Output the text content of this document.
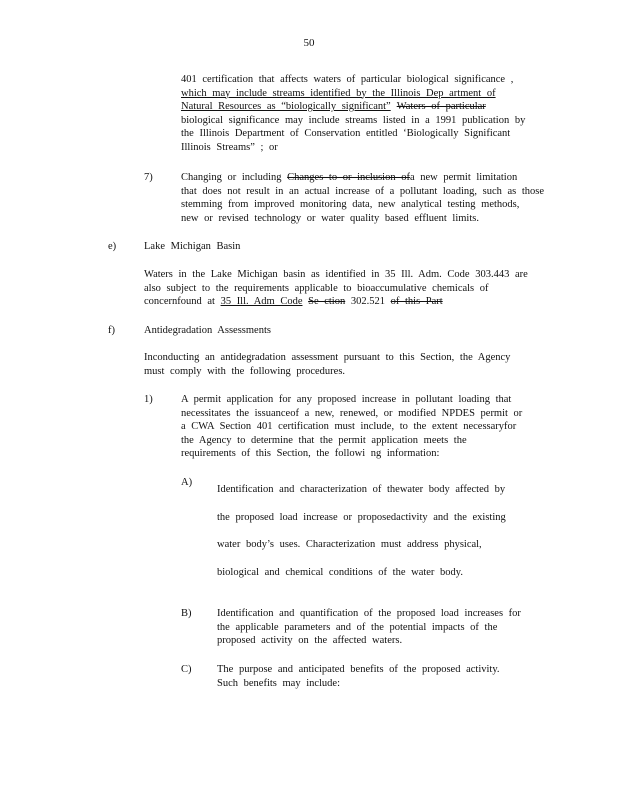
50
401 certification that affects waters of particular biological significance ,
which may include streams identified by the Illinois Dep artment of
Natural Resources as “biologically significant” Waters of particular
biological significance may include streams listed in a 1991 publication by
the Illinois Department of Conservation entitled ‘Biologically Significant
Illinois Streams” ; or
7)	Changing or including Changes to or inclusion ofa new permit limitation
that does not result in an actual increase of a pollutant loading, such as those
stemming from improved monitoring data, new analytical testing methods,
new or revised technology or water quality based effluent limits.
e)	Lake Michigan Basin
Waters in the Lake Michigan basin as identified in 35 Ill. Adm. Code 303.443 are
also subject to the requirements applicable to bioaccumulative chemicals of
concernfound at 35 Ill. Adm Code Se ction 302.521 of this Part
f)	Antidegradation Assessments
Inconducting an antidegradation assessment pursuant to this Section, the Agency
must comply with the following procedures.
1)	A permit application for any proposed increase in pollutant loading that
necessitates the issuanceof a new, renewed, or modified NPDES permit or
a CWA Section 401 certification must include, to the extent necessaryfor
the Agency to determine that the permit application meets the
requirements of this Section, the followi ng information:
A)
Identification and characterization of thewater body affected by
the proposed load increase or proposedactivity and the existing
water body’s uses. Characterization must address physical,
biological and chemical conditions of the water body.
B) Identification and quantification of the proposed load increases for
the applicable parameters and of the potential impacts of the
proposed activity on the affected waters.
C) The purpose and anticipated benefits of the proposed activity.
Such benefits may include:
